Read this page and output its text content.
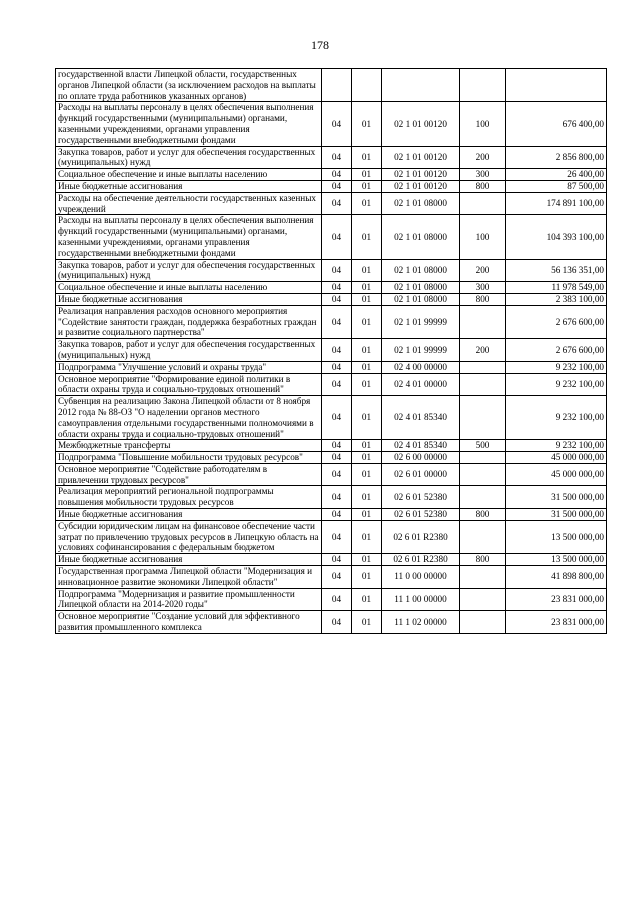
178
государственной власти Липецкой области, государственных органов Липецкой области (за исключением расходов на выплаты по оплате труда работников указанных органов)					
Расходы на выплаты персоналу в целях обеспечения выполнения функций государственными (муниципальными) органами, казенными учреждениями, органами управления государственными внебюджетными фондами	04	01	02 1 01 00120	100	676 400,00
Закупка товаров, работ и услуг для обеспечения государственных (муниципальных) нужд	04	01	02 1 01 00120	200	2 856 800,00
Социальное обеспечение и иные выплаты населению	04	01	02 1 01 00120	300	26 400,00
Иные бюджетные ассигнования	04	01	02 1 01 00120	800	87 500,00
Расходы на обеспечение деятельности государственных казенных учреждений	04	01	02 1 01 08000		174 891 100,00
Расходы на выплаты персоналу в целях обеспечения выполнения функций государственными (муниципальными) органами, казенными учреждениями, органами управления государственными внебюджетными фондами	04	01	02 1 01 08000	100	104 393 100,00
Закупка товаров, работ и услуг для обеспечения государственных (муниципальных) нужд	04	01	02 1 01 08000	200	56 136 351,00
Социальное обеспечение и иные выплаты населению	04	01	02 1 01 08000	300	11 978 549,00
Иные бюджетные ассигнования	04	01	02 1 01 08000	800	2 383 100,00
Реализация направления расходов основного мероприятия "Содействие занятости граждан, поддержка безработных граждан и развитие социального партнерства"	04	01	02 1 01 99999		2 676 600,00
Закупка товаров, работ и услуг для обеспечения государственных (муниципальных) нужд	04	01	02 1 01 99999	200	2 676 600,00
Подпрограмма "Улучшение условий и охраны труда"	04	01	02 4 00 00000		9 232 100,00
Основное мероприятие "Формирование единой политики в области охраны труда и социально-трудовых отношений"	04	01	02 4 01 00000		9 232 100,00
Субвенция на реализацию Закона Липецкой области от 8 ноября 2012 года № 88-ОЗ "О наделении органов местного самоуправления отдельными государственными полномочиями в области охраны труда и социально-трудовых отношений"	04	01	02 4 01 85340		9 232 100,00
Межбюджетные трансферты	04	01	02 4 01 85340	500	9 232 100,00
Подпрограмма "Повышение мобильности трудовых ресурсов"	04	01	02 6 00 00000		45 000 000,00
Основное мероприятие "Содействие работодателям в привлечении трудовых ресурсов"	04	01	02 6 01 00000		45 000 000,00
Реализация мероприятий региональной подпрограммы повышения мобильности трудовых ресурсов	04	01	02 6 01 52380		31 500 000,00
Иные бюджетные ассигнования	04	01	02 6 01 52380	800	31 500 000,00
Субсидии юридическим лицам на финансовое обеспечение части затрат по привлечению трудовых ресурсов в Липецкую область на условиях софинансирования с федеральным бюджетом	04	01	02 6 01 R2380		13 500 000,00
Иные бюджетные ассигнования	04	01	02 6 01 R2380	800	13 500 000,00
Государственная программа Липецкой области "Модернизация и инновационное развитие экономики Липецкой области"	04	01	11 0 00 00000		41 898 800,00
Подпрограмма "Модернизация и развитие промышленности Липецкой области на 2014-2020 годы"	04	01	11 1 00 00000		23 831 000,00
Основное мероприятие "Создание условий для эффективного развития промышленного комплекса	04	01	11 1 02 00000		23 831 000,00
